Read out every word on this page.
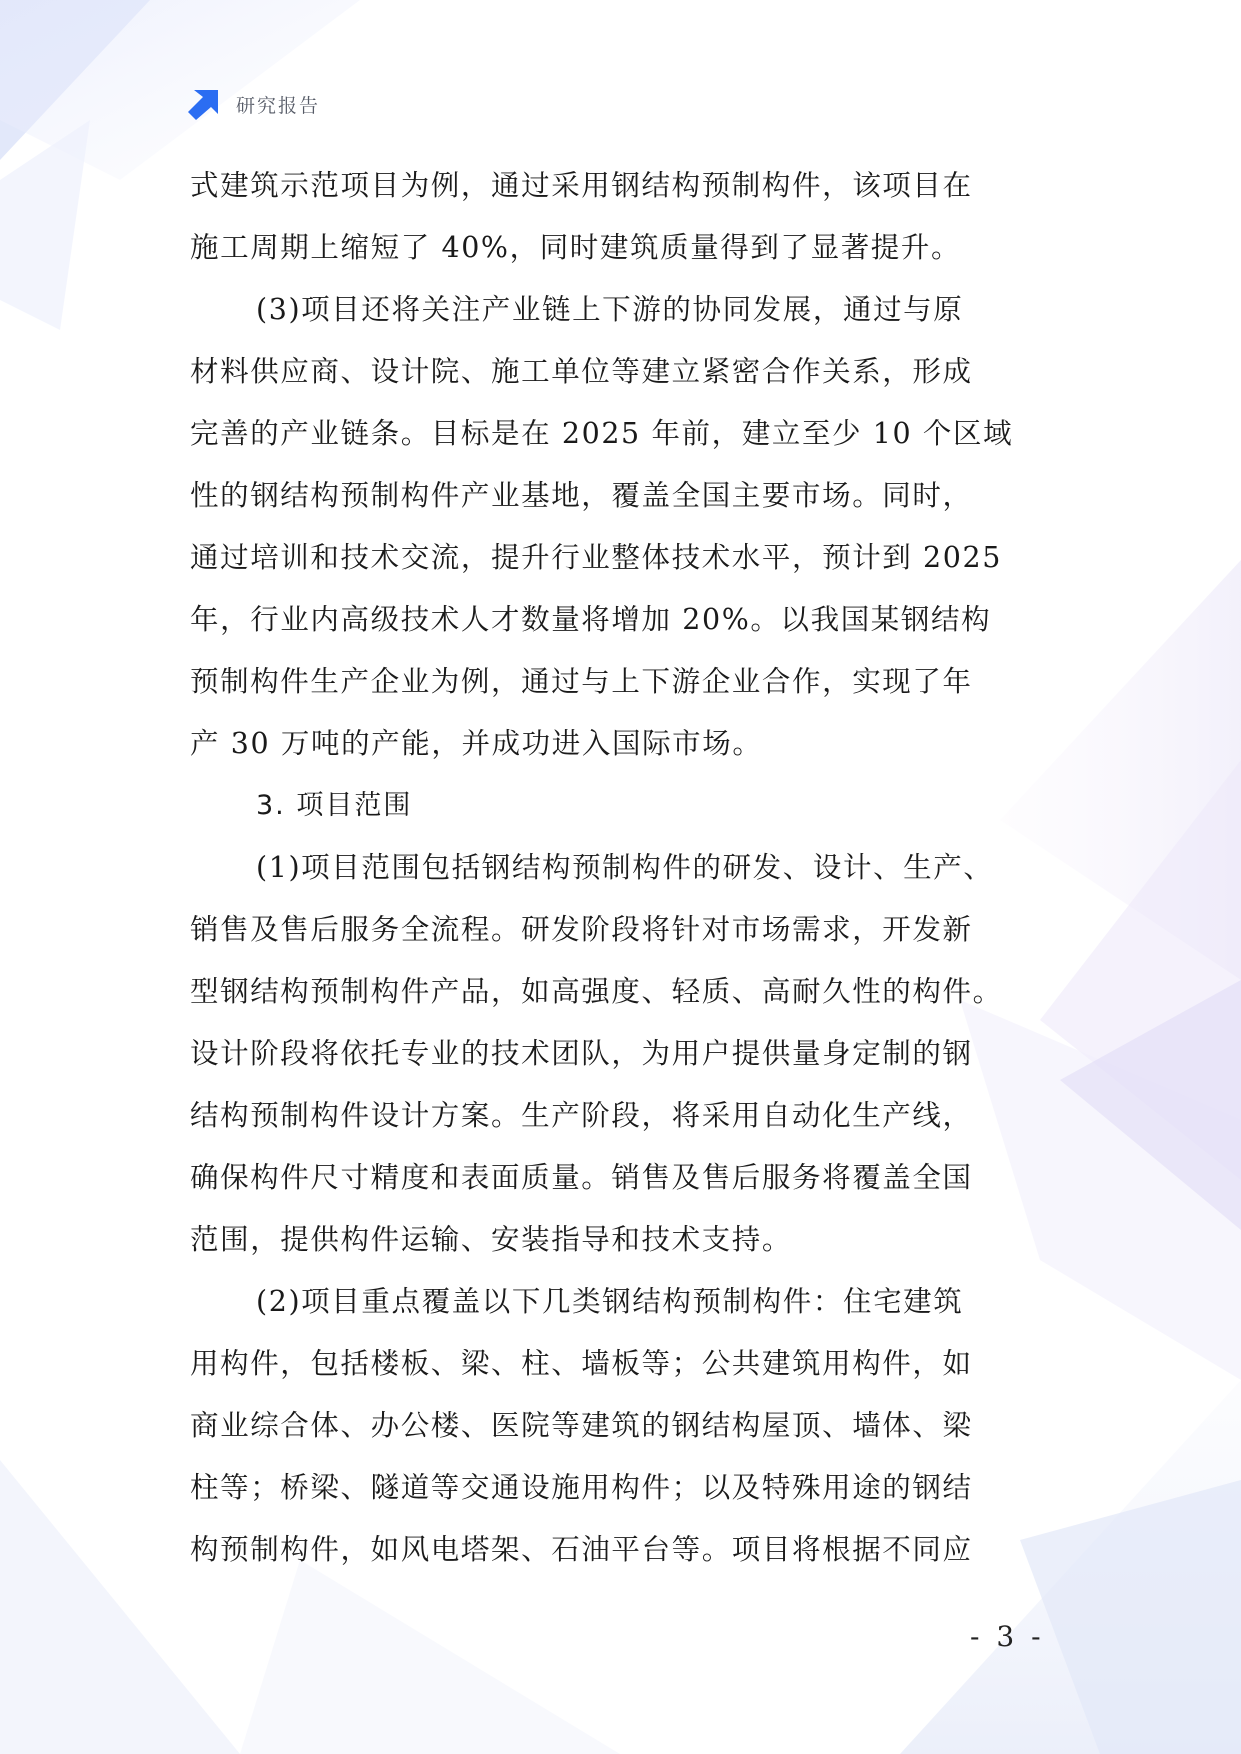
研究报告
式建筑示范项目为例，通过采用钢结构预制构件，该项目在
施工周期上缩短了 40%，同时建筑质量得到了显著提升。
(3)项目还将关注产业链上下游的协同发展，通过与原
材料供应商、设计院、施工单位等建立紧密合作关系，形成
完善的产业链条。目标是在 2025 年前，建立至少 10 个区域
性的钢结构预制构件产业基地，覆盖全国主要市场。同时，
通过培训和技术交流，提升行业整体技术水平，预计到 2025
年，行业内高级技术人才数量将增加 20%。以我国某钢结构
预制构件生产企业为例，通过与上下游企业合作，实现了年
产 30 万吨的产能，并成功进入国际市场。
3. 项目范围
(1)项目范围包括钢结构预制构件的研发、设计、生产、
销售及售后服务全流程。研发阶段将针对市场需求，开发新
型钢结构预制构件产品，如高强度、轻质、高耐久性的构件。
设计阶段将依托专业的技术团队，为用户提供量身定制的钢
结构预制构件设计方案。生产阶段，将采用自动化生产线，
确保构件尺寸精度和表面质量。销售及售后服务将覆盖全国
范围，提供构件运输、安装指导和技术支持。
(2)项目重点覆盖以下几类钢结构预制构件：住宅建筑
用构件，包括楼板、梁、柱、墙板等；公共建筑用构件，如
商业综合体、办公楼、医院等建筑的钢结构屋顶、墙体、梁
柱等；桥梁、隧道等交通设施用构件；以及特殊用途的钢结
构预制构件，如风电塔架、石油平台等。项目将根据不同应
- 3 -
